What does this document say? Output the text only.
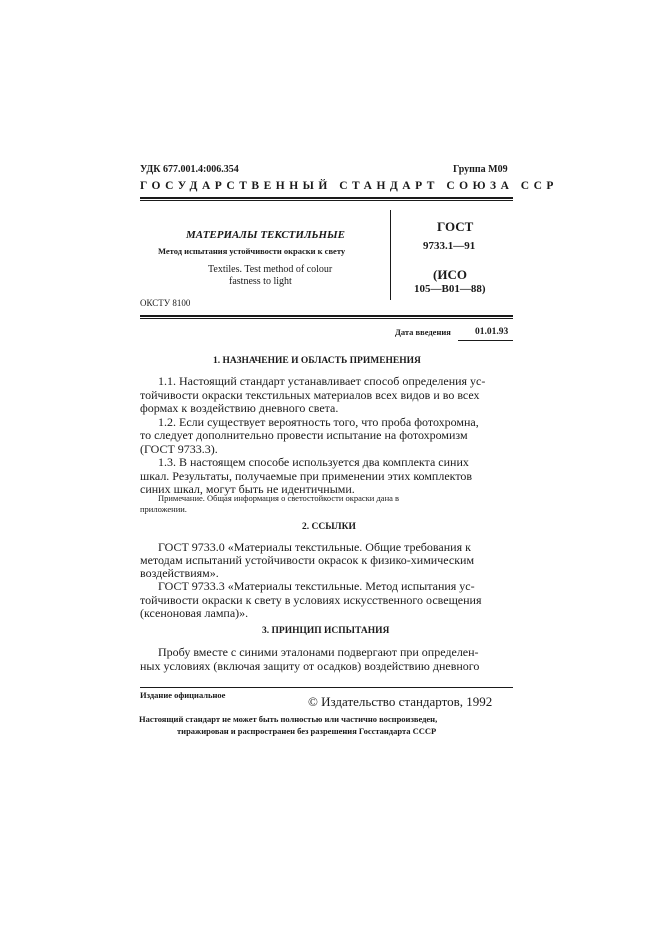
УДК 677.001.4:006.354	Группа М09
ГОСУДАРСТВЕННЫЙ СТАНДАРТ СОЮЗА ССР
МАТЕРИАЛЫ ТЕКСТИЛЬНЫЕ
Метод испытания устойчивости окраски к свету
Textiles. Test method of colour
fastness to light
ГОСТ
9733.1—91
(ИСО
105—В01—88)
ОКСТУ 8100
Дата введения	01.01.93
1. НАЗНАЧЕНИЕ И ОБЛАСТЬ ПРИМЕНЕНИЯ
1.1. Настоящий стандарт устанавливает способ определения ус-
тойчивости окраски текстильных материалов всех видов и во всех
формах к воздействию дневного света.
1.2. Если существует вероятность того, что проба фотохромна,
то следует дополнительно провести испытание на фотохромизм
(ГОСТ 9733.3).
1.3. В настоящем способе используется два комплекта синих
шкал. Результаты, получаемые при применении этих комплектов
синих шкал, могут быть не идентичными.
Примечание. Общая информация о светостойкости окраски дана в
приложении.
2. ССЫЛКИ
ГОСТ 9733.0 «Материалы текстильные. Общие требования к
методам испытаний устойчивости окрасок к физико-химическим
воздействиям».
ГОСТ 9733.3 «Материалы текстильные. Метод испытания ус-
тойчивости окраски к свету в условиях искусственного освещения
(ксеноновая лампа)».
3. ПРИНЦИП ИСПЫТАНИЯ
Пробу вместе с синими эталонами подвергают при определен-
ных условиях (включая защиту от осадков) воздействию дневного
Издание официальное	© Издательство стандартов, 1992
Настоящий стандарт не может быть полностью или частично воспроизведен,
тиражирован и распространен без разрешения Госстандарта СССР
